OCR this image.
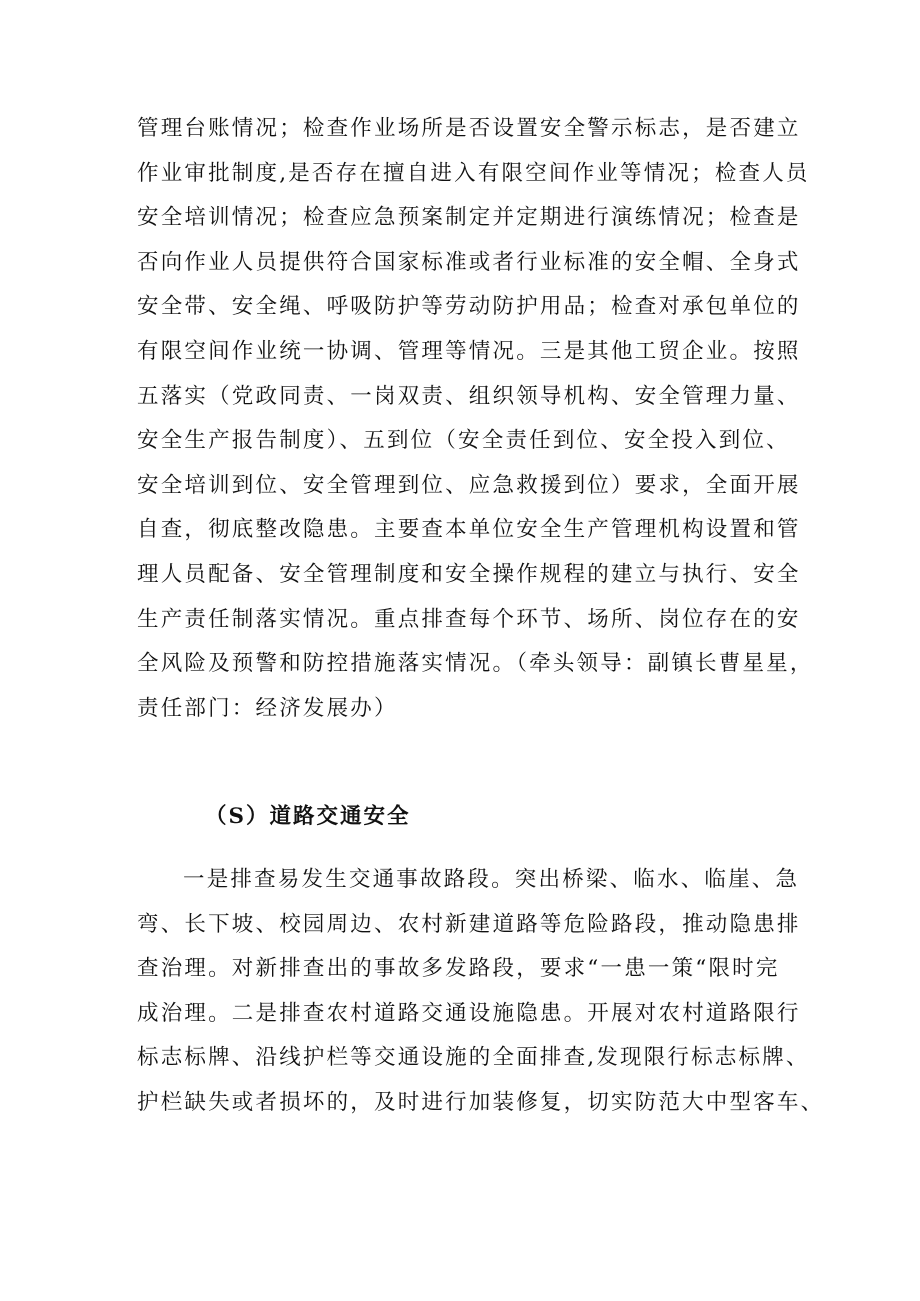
管理台账情况；检查作业场所是否设置安全警示标志，是否建立
作业审批制度,是否存在擅自进入有限空间作业等情况；检查人员
安全培训情况；检查应急预案制定并定期进行演练情况；检查是
否向作业人员提供符合国家标准或者行业标准的安全帽、全身式
安全带、安全绳、呼吸防护等劳动防护用品；检查对承包单位的
有限空间作业统一协调、管理等情况。三是其他工贸企业。按照
五落实（党政同责、一岗双责、组织领导机构、安全管理力量、
安全生产报告制度）、五到位（安全责任到位、安全投入到位、
安全培训到位、安全管理到位、应急救援到位）要求，全面开展
自查，彻底整改隐患。主要查本单位安全生产管理机构设置和管
理人员配备、安全管理制度和安全操作规程的建立与执行、安全
生产责任制落实情况。重点排查每个环节、场所、岗位存在的安
全风险及预警和防控措施落实情况。（牵头领导：副镇长曹星星，
责任部门：经济发展办）
（S）道路交通安全
一是排查易发生交通事故路段。突出桥梁、临水、临崖、急
弯、长下坡、校园周边、农村新建道路等危险路段，推动隐患排
查治理。对新排查出的事故多发路段，要求“一患一策“限时完
成治理。二是排查农村道路交通设施隐患。开展对农村道路限行
标志标牌、沿线护栏等交通设施的全面排查,发现限行标志标牌、
护栏缺失或者损坏的，及时进行加装修复，切实防范大中型客车、
